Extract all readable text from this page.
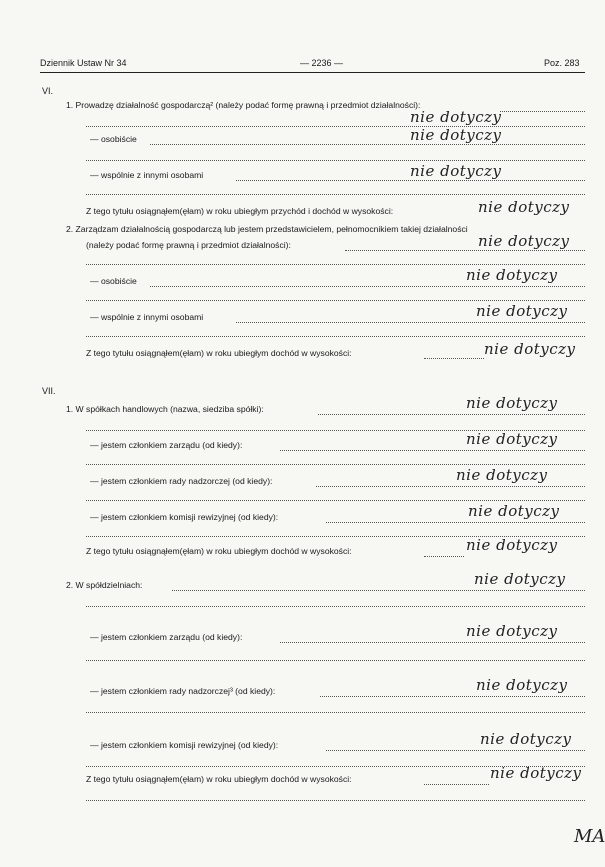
Dziennik Ustaw Nr 34	— 2236 —	Poz. 283
VI.
1. Prowadzę działalność gospodarczą² (należy podać formę prawną i przedmiot działalności):
nie dotyczy
— osobiście	nie dotyczy
— wspólnie z innymi osobami	nie dotyczy
Z tego tytułu osiągnąłem(ęłam) w roku ubiegłym przychód i dochód w wysokości:	nie dotyczy
2. Zarządzam działalnością gospodarczą lub jestem przedstawicielem, pełnomocnikiem takiej działalności
(należy podać formę prawną i przedmiot działalności):	nie dotyczy
— osobiście	nie dotyczy
— wspólnie z innymi osobami	nie dotyczy
Z tego tytułu osiągnąłem(ęłam) w roku ubiegłym dochód w wysokości:	nie dotyczy
VII.
1. W spółkach handlowych (nazwa, siedziba spółki):	nie dotyczy
— jestem członkiem zarządu (od kiedy):	nie dotyczy
— jestem członkiem rady nadzorczej (od kiedy):	nie dotyczy
— jestem członkiem komisji rewizyjnej (od kiedy):	nie dotyczy
Z tego tytułu osiągnąłem(ęłam) w roku ubiegłym dochód w wysokości:	nie dotyczy
2. W spółdzielniach:	nie dotyczy
— jestem członkiem zarządu (od kiedy):	nie dotyczy
— jestem członkiem rady nadzorczej³ (od kiedy):	nie dotyczy
— jestem członkiem komisji rewizyjnej (od kiedy):	nie dotyczy
Z tego tytułu osiągnąłem(ęłam) w roku ubiegłym dochód w wysokości:	nie dotyczy
MA
